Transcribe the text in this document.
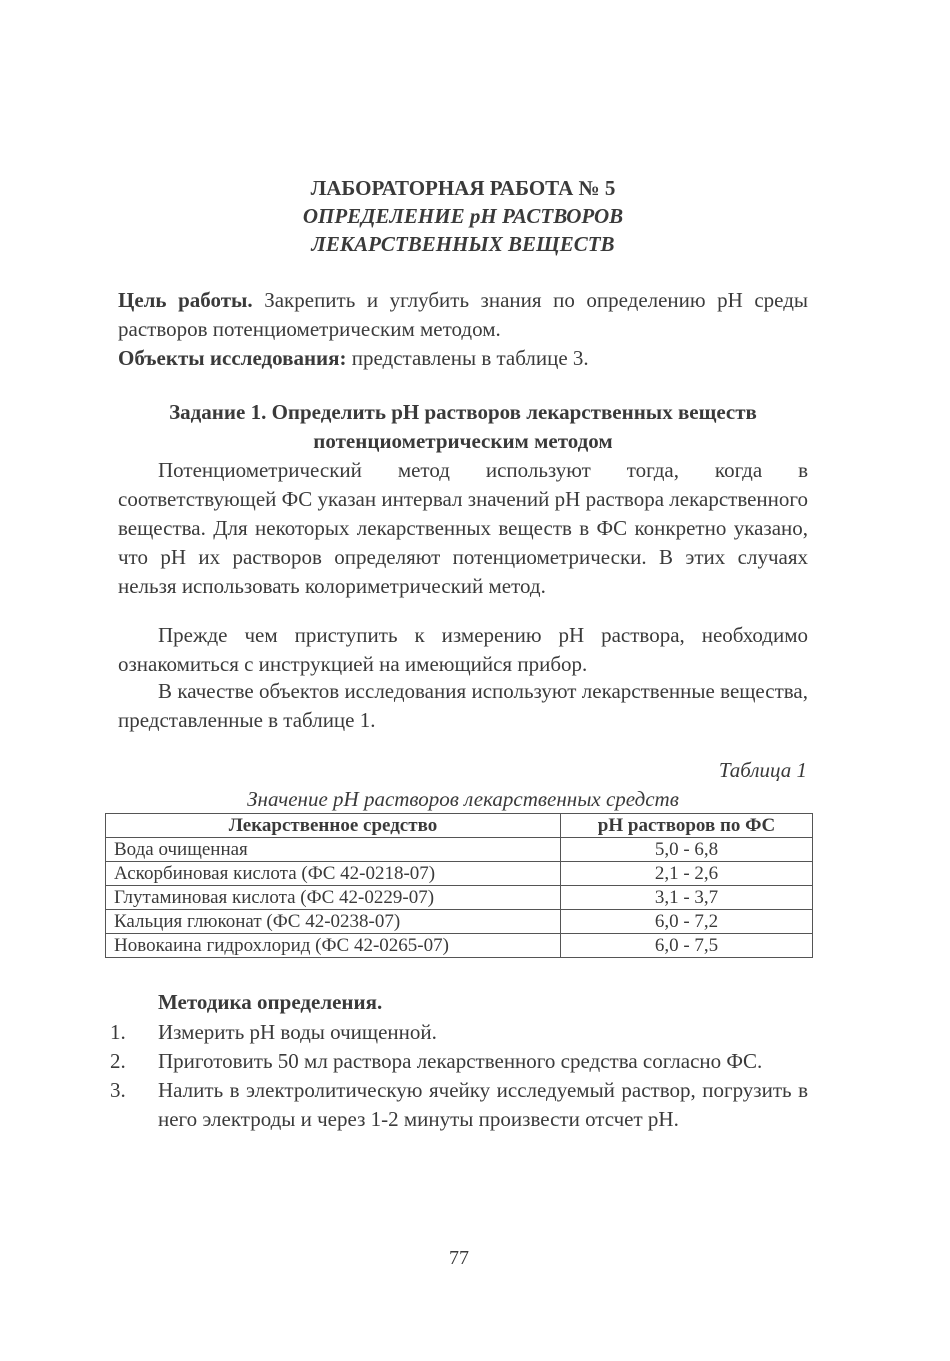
ЛАБОРАТОРНАЯ РАБОТА № 5
ОПРЕДЕЛЕНИЕ рН РАСТВОРОВ
ЛЕКАРСТВЕННЫХ ВЕЩЕСТВ
Цель работы. Закрепить и углубить знания по определению рН среды растворов потенциометрическим методом.
Объекты исследования: представлены в таблице 3.
Задание 1. Определить рН растворов лекарственных веществ
потенциометрическим методом
Потенциометрический метод используют тогда, когда в соответствующей ФС указан интервал значений рН раствора лекарственного вещества. Для некоторых лекарственных веществ в ФС конкретно указано, что рН их растворов определяют потенциометрически. В этих случаях нельзя использовать колориметрический метод.
Прежде чем приступить к измерению рН раствора, необходимо ознакомиться с инструкцией на имеющийся прибор.
В качестве объектов исследования используют лекарственные вещества, представленные в таблице 1.
Таблица 1
Значение рН растворов лекарственных средств
Лекарственное средство	рН растворов по ФС
Вода очищенная	5,0 - 6,8
Аскорбиновая кислота (ФС 42-0218-07)	2,1 - 2,6
Глутаминовая кислота (ФС 42-0229-07)	3,1 - 3,7
Кальция глюконат (ФС 42-0238-07)	6,0 - 7,2
Новокаина гидрохлорид (ФС 42-0265-07)	6,0 - 7,5
Методика определения.
1. Измерить рН воды очищенной.
2. Приготовить 50 мл раствора лекарственного средства согласно ФС.
3. Налить в электролитическую ячейку исследуемый раствор, погрузить в него электроды и через 1-2 минуты произвести отсчет рН.
77
